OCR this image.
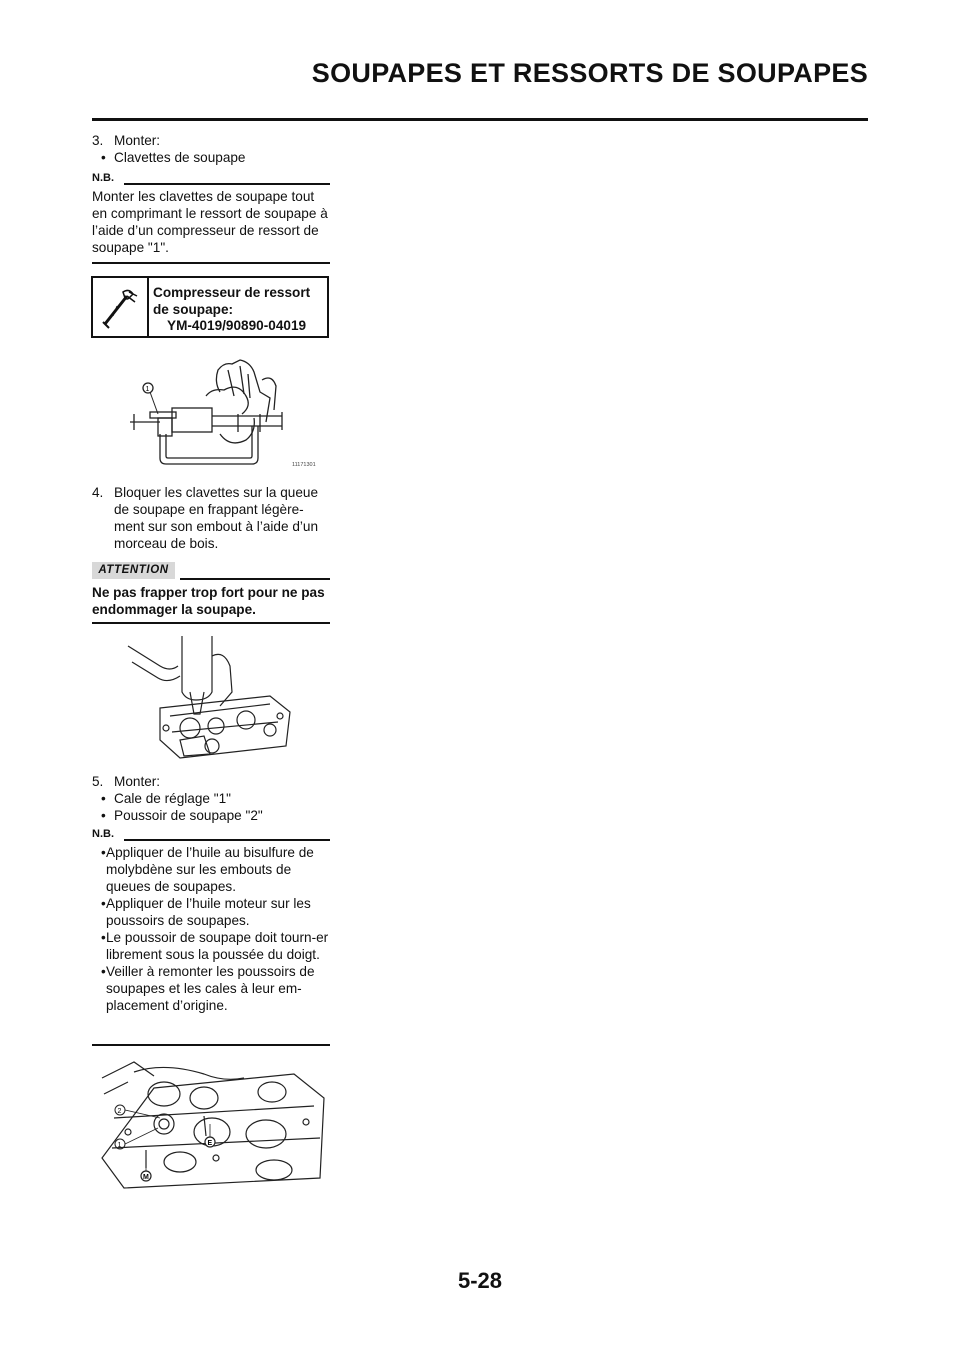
SOUPAPES ET RESSORTS DE SOUPAPES
3. Monter:
• Clavettes de soupape
N.B.
Monter les clavettes de soupape tout en comprimant le ressort de soupape à l’aide d’un compresseur de ressort de soupape "1".
Compresseur de ressort de soupape:
YM-4019/90890-04019
1
11171301
4. Bloquer les clavettes sur la queue de soupape en frappant légère-ment sur son embout à l’aide d’un morceau de bois.
ATTENTION
Ne pas frapper trop fort pour ne pas endommager la soupape.
5. Monter:
• Cale de réglage "1"
• Poussoir de soupape "2"
N.B.
• Appliquer de l’huile au bisulfure de molybdène sur les embouts de queues de soupapes.
• Appliquer de l’huile moteur sur les poussoirs de soupapes.
• Le poussoir de soupape doit tourn-er librement sous la poussée du doigt.
• Veiller à remonter les poussoirs de soupapes et les cales à leur em-placement d’origine.
2
1	E
M
5-28
